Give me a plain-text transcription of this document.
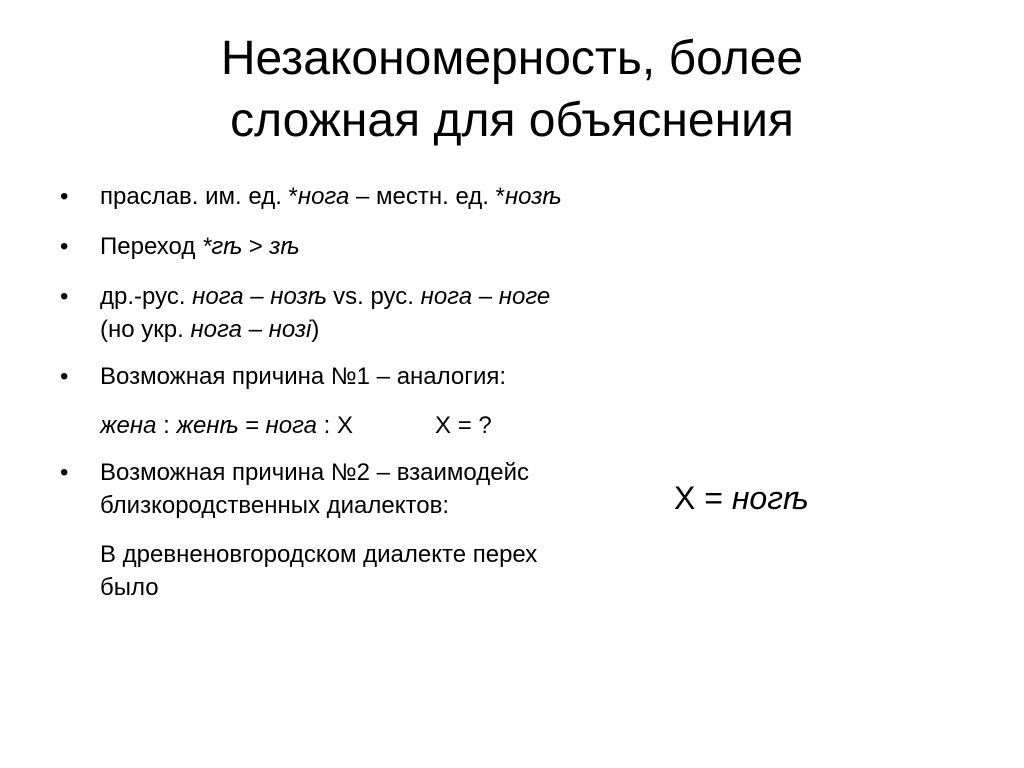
Незакономерность, более
сложная для объяснения
• праслав. им. ед. *нога – местн. ед. *нозѣ
• Переход *гѣ > зѣ
• др.-рус. нога – нозѣ vs. рус. нога – ноге
(но укр. нога – нозі)
• Возможная причина №1 – аналогия:
жена : женѣ = нога : Х	Х = ?
• Возможная причина №2 – взаимодейс
близкородственных диалектов:
В древненовгородском диалекте перех
было
Х = ногѣ
